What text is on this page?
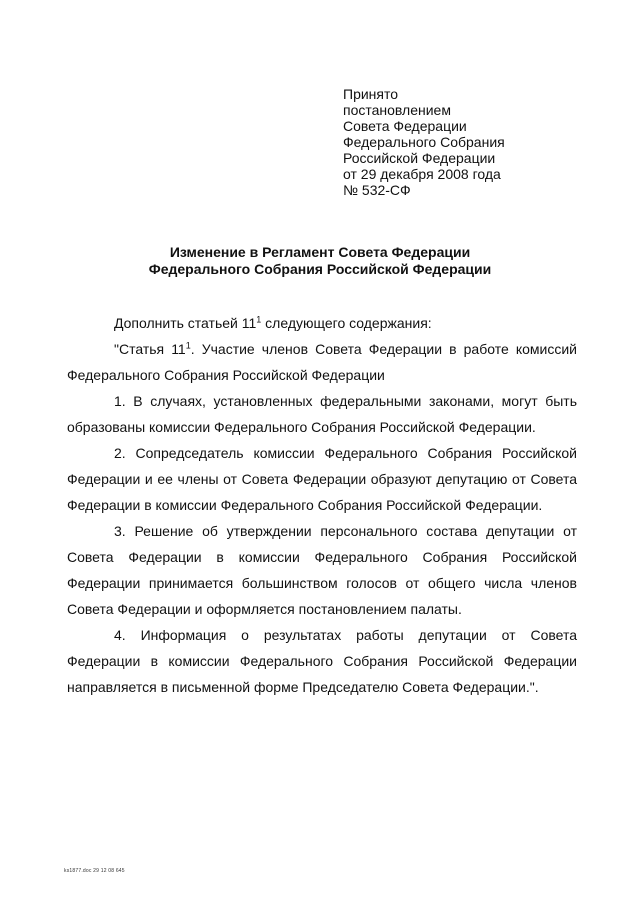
Принято
постановлением
Совета Федерации
Федерального Собрания
Российской Федерации
от 29 декабря 2008 года
№ 532-СФ
Изменение в Регламент Совета Федерации
Федерального Собрания Российской Федерации

Дополнить статьей $11^1$ следующего содержания:

"Статья $11^1$. Участие членов Совета Федерации в работе комиссий Федерального Собрания Российской Федерации

1. В случаях, установленных федеральными законами, могут быть образованы комиссии Федерального Собрания Российской Федерации.

2. Сопредседатель комиссии Федерального Собрания Российской Федерации и ее члены от Совета Федерации образуют депутацию от Совета Федерации в комиссии Федерального Собрания Российской Федерации.

3. Решение об утверждении персонального состава депутации от Совета Федерации в комиссии Федерального Собрания Российской Федерации принимается большинством голосов от общего числа членов Совета Федерации и оформляется постановлением палаты.

4. Информация о результатах работы депутации от Совета Федерации в комиссии Федерального Собрания Российской Федерации направляется в письменной форме Председателю Совета Федерации.".

ks1877.doc 29 12 08 645
